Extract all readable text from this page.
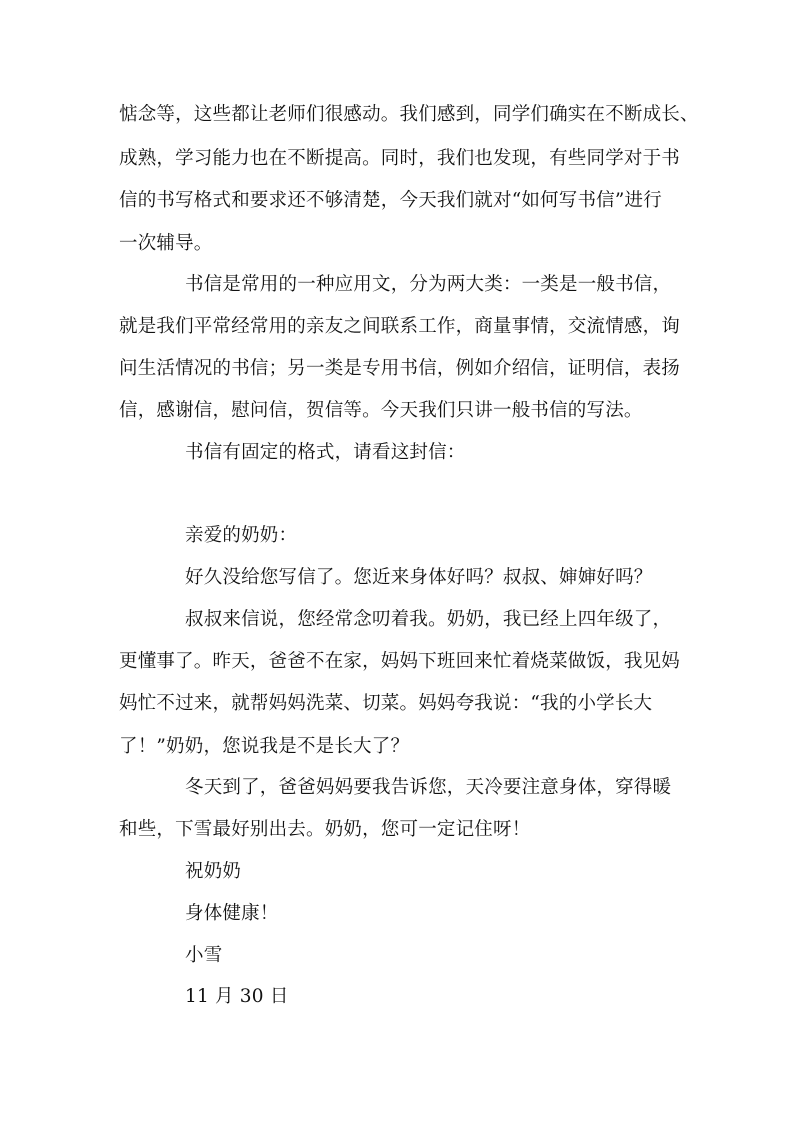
惦念等，这些都让老师们很感动。我们感到，同学们确实在不断成长、
成熟，学习能力也在不断提高。同时，我们也发现，有些同学对于书
信的书写格式和要求还不够清楚，今天我们就对“如何写书信”进行
一次辅导。
书信是常用的一种应用文，分为两大类：一类是一般书信，
就是我们平常经常用的亲友之间联系工作，商量事情，交流情感，询
问生活情况的书信；另一类是专用书信，例如介绍信，证明信，表扬
信，感谢信，慰问信，贺信等。今天我们只讲一般书信的写法。
书信有固定的格式，请看这封信：
亲爱的奶奶：
好久没给您写信了。您近来身体好吗？叔叔、婶婶好吗？
叔叔来信说，您经常念叨着我。奶奶，我已经上四年级了，
更懂事了。昨天，爸爸不在家，妈妈下班回来忙着烧菜做饭，我见妈
妈忙不过来，就帮妈妈洗菜、切菜。妈妈夸我说：“我的小学长大
了！”奶奶，您说我是不是长大了？
冬天到了，爸爸妈妈要我告诉您，天冷要注意身体，穿得暖
和些，下雪最好别出去。奶奶，您可一定记住呀！
祝奶奶
身体健康！
小雪
11 月 30 日
